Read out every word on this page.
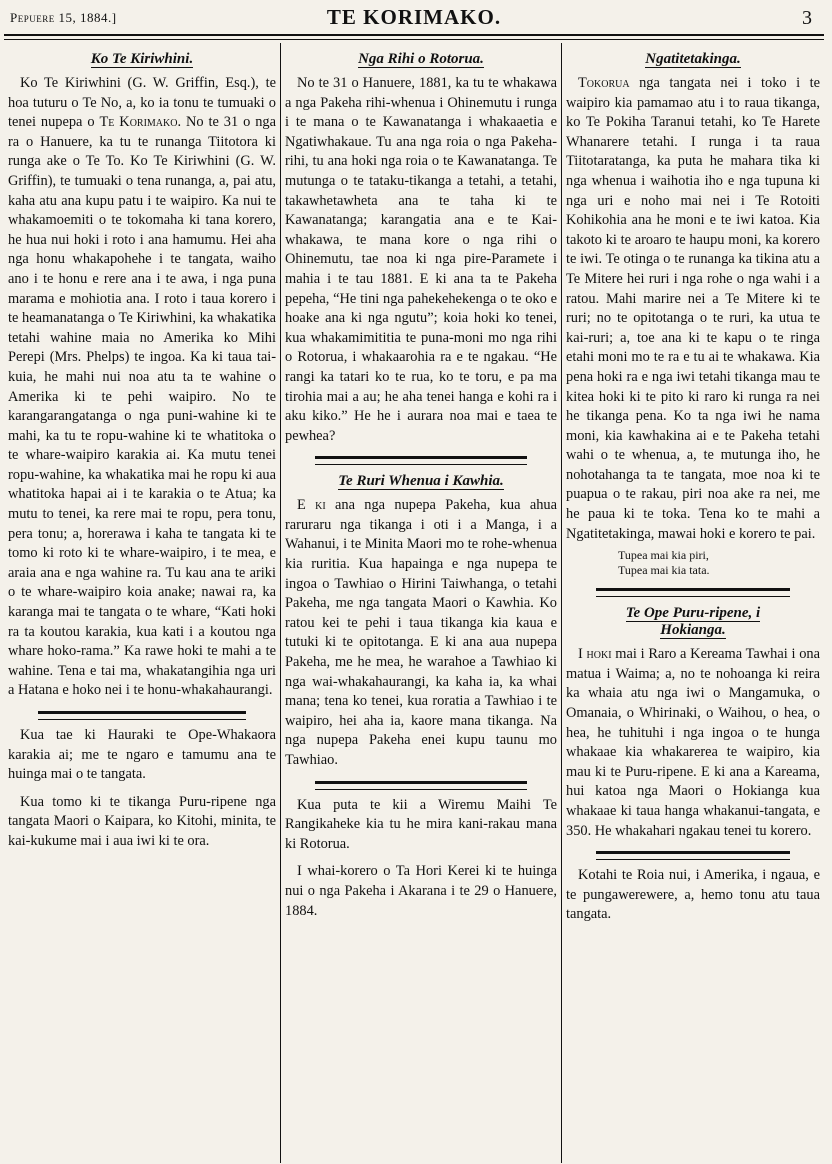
Pepuere 15, 1884.]	TE KORIMAKO.	3
Ko Te Kiriwhini.

Ko Te Kiriwhini (G. W. Griffin, Esq.), te hoa tuturu o Te No, a, ko ia tonu te tumuaki o tenei nupepa o Te Korimako. No te 31 o nga ra o Hanuere, ka tu te runanga Tiitotora ki runga ake o Te To. Ko Te Kiriwhini (G. W. Griffin), te tumuaki o tena runanga, a, pai atu, kaha atu ana kupu patu i te waipiro. Ka nui te whakamoemiti o te tokomaha ki tana korero, he hua nui hoki i roto i ana hamumu. Hei aha nga honu whakapohehe i te tangata, waiho ano i te honu e rere ana i te awa, i nga puna marama e mohiotia ana. I roto i taua korero i te heamanatanga o Te Kiriwhini, ka whakatika tetahi wahine maia no Amerika ko Mihi Perepi (Mrs. Phelps) te ingoa. Ka ki taua tai-kuia, he mahi nui noa atu ta te wahine o Amerika ki te pehi waipiro. No te karangarangatanga o nga puni-wahine ki te mahi, ka tu te ropu-wahine ki te whatitoka o te whare-waipiro karakia ai. Ka mutu tenei ropu-wahine, ka whakatika mai he ropu ki aua whatitoka hapai ai i te karakia o te Atua; ka mutu to tenei, ka rere mai te ropu, pera tonu, pera tonu; a, horerawa i kaha te tangata ki te tomo ki roto ki te whare-waipiro, i te mea, e araia ana e nga wahine ra. Tu kau ana te ariki o te whare-waipiro koia anake; nawai ra, ka karanga mai te tangata o te whare, “Kati hoki ra ta koutou karakia, kua kati i a koutou nga whare hoko-rama.” Ka rawe hoki te mahi a te wahine. Tena e tai ma, whakatangihia nga uri a Hatana e hoko nei i te honu-whakahaurangi.

Kua tae ki Hauraki te Ope-Whakaora karakia ai; me te ngaro e tamumu ana te huinga mai o te tangata.

Kua tomo ki te tikanga Puru-ripene nga tangata Maori o Kaipara, ko Kitohi, minita, te kai-kukume mai i aua iwi ki te ora.

Nga Rihi o Rotorua.

No te 31 o Hanuere, 1881, ka tu te whakawa a nga Pakeha rihi-whenua i Ohinemutu i runga i te mana o te Kawanatanga i whakaaetia e Ngatiwhakaue. Tu ana nga roia o nga Pakeha-rihi, tu ana hoki nga roia o te Kawanatanga. Te mutunga o te tataku-tikanga a tetahi, a tetahi, takawhetawheta ana te taha ki te Kawanatanga; karangatia ana e te Kai-whakawa, te mana kore o nga rihi o Ohinemutu, tae noa ki nga pire-Paramete i mahia i te tau 1881. E ki ana ta te Pakeha pepeha, “He tini nga pahekehekenga o te oko e hoake ana ki nga ngutu”; koia hoki ko tenei, kua whakamimititia te puna-moni mo nga rihi o Rotorua, i whakaarohia ra e te ngakau. “He rangi ka tatari ko te rua, ko te toru, e pa ma tirohia mai a au; he aha tenei hanga e kohi ra i aku kiko.” He he i aurara noa mai e taea te pewhea?

Te Ruri Whenua i Kawhia.

E ki ana nga nupepa Pakeha, kua ahua raruraru nga tikanga i oti i a Manga, i a Wahanui, i te Minita Maori mo te rohe-whenua kia ruritia. Kua hapainga e nga nupepa te ingoa o Tawhiao o Hirini Taiwhanga, o tetahi Pakeha, me nga tangata Maori o Kawhia. Ko ratou kei te pehi i taua tikanga kia kaua e tutuki ki te opitotanga. E ki ana aua nupepa Pakeha, me he mea, he warahoe a Tawhiao ki nga wai-whakahaurangi, ka kaha ia, ka whai mana; tena ko tenei, kua roratia a Tawhiao i te waipiro, hei aha ia, kaore mana tikanga. Na nga nupepa Pakeha enei kupu taunu mo Tawhiao.

Kua puta te kii a Wiremu Maihi Te Rangikaheke kia tu he mira kani-rakau mana ki Rotorua.

I whai-korero o Ta Hori Kerei ki te huinga nui o nga Pakeha i Akarana i te 29 o Hanuere, 1884.

Ngatitetakinga.

Tokorua nga tangata nei i toko i te waipiro kia pamamao atu i to raua tikanga, ko Te Pokiha Taranui tetahi, ko Te Harete Whanarere tetahi. I runga i ta raua Tiitotaratanga, ka puta he mahara tika ki nga whenua i waihotia iho e nga tupuna ki nga uri e noho mai nei i Te Rotoiti Kohikohia ana he moni e te iwi katoa. Kia takoto ki te aroaro te haupu moni, ka korero te iwi. Te otinga o te runanga ka tikina atu a Te Mitere hei ruri i nga rohe o nga wahi i a ratou. Mahi marire nei a Te Mitere ki te ruri; no te opitotanga o te ruri, ka utua te kai-ruri; a, toe ana ki te kapu o te ringa etahi moni mo te ra e tu ai te whakawa. Kia pena hoki ra e nga iwi tetahi tikanga mau te kitea hoki ki te pito ki raro ki runga ra nei he tikanga pena. Ko ta nga iwi he nama moni, kia kawhakina ai e te Pakeha tetahi wahi o te whenua, a, te mutunga iho, he nohotahanga ta te tangata, moe noa ki te puapua o te rakau, piri noa ake ra nei, me he paua ki te toka. Tena ko te mahi a Ngatitetakinga, mawai hoki e korero te pai.

Tupea mai kia piri,
Tupea mai kia tata.
Te Ope Puru-ripene, i
Hokianga.

I hoki mai i Raro a Kereama Tawhai i ona matua i Waima; a, no te nohoanga ki reira ka whaia atu nga iwi o Mangamuka, o Omanaia, o Whirinaki, o Waihou, o hea, o hea, he tuhituhi i nga ingoa o te hunga whakaae kia whakarerea te waipiro, kia mau ki te Puru-ripene. E ki ana a Kareama, hui katoa nga Maori o Hokianga kua whakaae ki taua hanga whakanui-tangata, e 350. He whakahari ngakau tenei tu korero.

Kotahi te Roia nui, i Amerika, i ngaua, e te pungawerewere, a, hemo tonu atu taua tangata.
